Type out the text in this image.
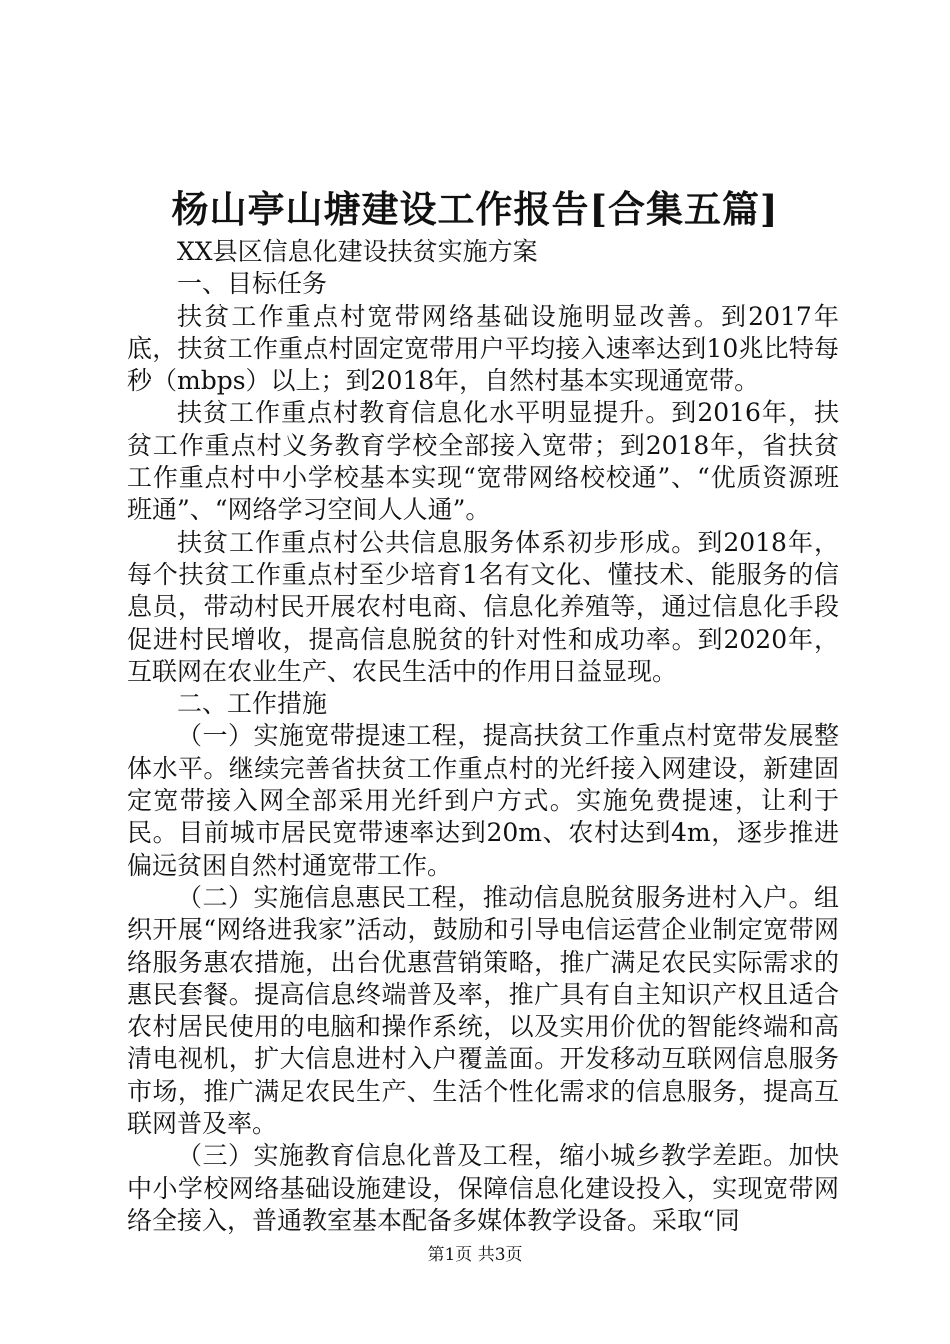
杨山亭山塘建设工作报告[合集五篇]

XX县区信息化建设扶贫实施方案

一、目标任务

扶贫工作重点村宽带网络基础设施明显改善。到2017年底，扶贫工作重点村固定宽带用户平均接入速率达到10兆比特每秒（mbps）以上；到2018年，自然村基本实现通宽带。

扶贫工作重点村教育信息化水平明显提升。到2016年，扶贫工作重点村义务教育学校全部接入宽带；到2018年，省扶贫工作重点村中小学校基本实现“宽带网络校校通”、“优质资源班班通”、“网络学习空间人人通”。

扶贫工作重点村公共信息服务体系初步形成。到2018年，每个扶贫工作重点村至少培育1名有文化、懂技术、能服务的信息员，带动村民开展农村电商、信息化养殖等，通过信息化手段促进村民增收，提高信息脱贫的针对性和成功率。到2020年，互联网在农业生产、农民生活中的作用日益显现。

二、工作措施

（一）实施宽带提速工程，提高扶贫工作重点村宽带发展整体水平。继续完善省扶贫工作重点村的光纤接入网建设，新建固定宽带接入网全部采用光纤到户方式。实施免费提速，让利于民。目前城市居民宽带速率达到20m、农村达到4m，逐步推进偏远贫困自然村通宽带工作。

（二）实施信息惠民工程，推动信息脱贫服务进村入户。组织开展“网络进我家”活动，鼓励和引导电信运营企业制定宽带网络服务惠农措施，出台优惠营销策略，推广满足农民实际需求的惠民套餐。提高信息终端普及率，推广具有自主知识产权且适合农村居民使用的电脑和操作系统，以及实用价优的智能终端和高清电视机，扩大信息进村入户覆盖面。开发移动互联网信息服务市场，推广满足农民生产、生活个性化需求的信息服务，提高互联网普及率。

（三）实施教育信息化普及工程，缩小城乡教学差距。加快中小学校网络基础设施建设，保障信息化建设投入，实现宽带网络全接入，普通教室基本配备多媒体教学设备。采取“同

第1页 共3页
